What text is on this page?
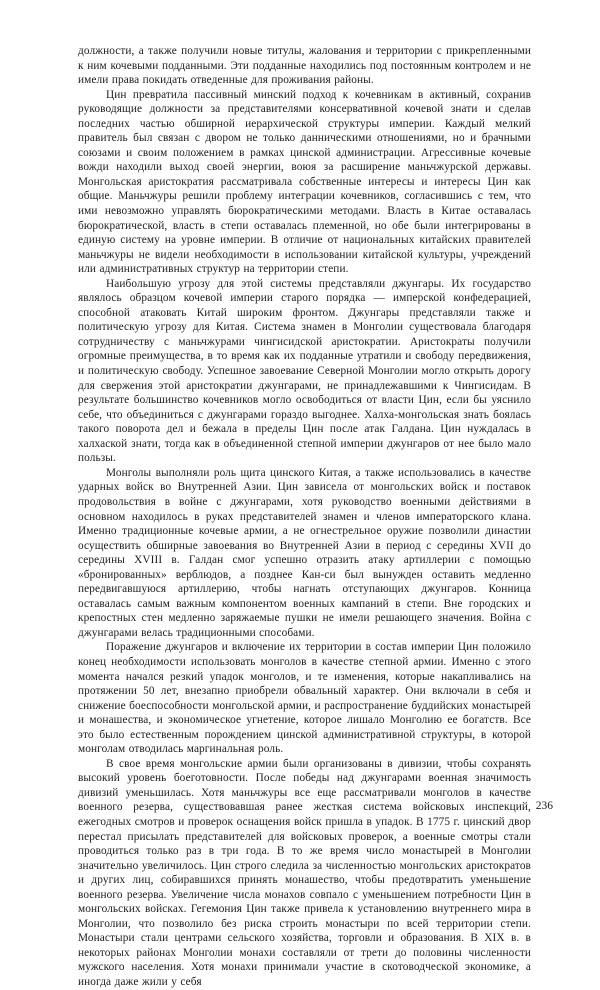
должности, а также получили новые титулы, жалования и территории с прикрепленными к ним кочевыми подданными. Эти подданные находились под постоянным контролем и не имели права покидать отведенные для проживания районы.

Цин превратила пассивный минский подход к кочевникам в активный, сохранив руководящие должности за представителями консервативной кочевой знати и сделав последних частью обширной иерархической структуры империи. Каждый мелкий правитель был связан с двором не только данническими отношениями, но и брачными союзами и своим положением в рамках цинской администрации. Агрессивные кочевые вожди находили выход своей энергии, воюя за расширение маньчжурской державы. Монгольская аристократия рассматривала собственные интересы и интересы Цин как общие. Маньчжуры решили проблему интеграции кочевников, согласившись с тем, что ими невозможно управлять бюрократическими методами. Власть в Китае оставалась бюрократической, власть в степи оставалась племенной, но обе были интегрированы в единую систему на уровне империи. В отличие от национальных китайских правителей маньчжуры не видели необходимости в использовании китайской культуры, учреждений или административных структур на территории степи.

Наибольшую угрозу для этой системы представляли джунгары. Их государство являлось образцом кочевой империи старого порядка — имперской конфедерацией, способной атаковать Китай широким фронтом. Джунгары представляли также и политическую угрозу для Китая. Система знамен в Монголии существовала благодаря сотрудничеству с маньчжурами чингисидской аристократии. Аристократы получили огромные преимущества, в то время как их подданные утратили и свободу передвижения, и политическую свободу. Успешное завоевание Северной Монголии могло открыть дорогу для свержения этой аристократии джунгарами, не принадлежавшими к Чингисидам. В результате большинство кочевников могло освободиться от власти Цин, если бы уяснило себе, что объединиться с джунгарами гораздо выгоднее. Халха-монгольская знать боялась такого поворота дел и бежала в пределы Цин после атак Галдана. Цин нуждалась в халхаской знати, тогда как в объединенной степной империи джунгаров от нее было мало пользы.

Монголы выполняли роль щита цинского Китая, а также использовались в качестве ударных войск во Внутренней Азии. Цин зависела от монгольских войск и поставок продовольствия в войне с джунгарами, хотя руководство военными действиями в основном находилось в руках представителей знамен и членов императорского клана. Именно традиционные кочевые армии, а не огнестрельное оружие позволили династии осуществить обширные завоевания во Внутренней Азии в период с середины XVII до середины XVIII в. Галдан смог успешно отразить атаку артиллерии с помощью «бронированных» верблюдов, а позднее Кан-си был вынужден оставить медленно передвигавшуюся артиллерию, чтобы нагнать отступающих джунгаров. Конница оставалась самым важным компонентом военных кампаний в степи. Вне городских и крепостных стен медленно заряжаемые пушки не имели решающего значения. Война с джунгарами велась традиционными способами.

Поражение джунгаров и включение их территории в состав империи Цин положило конец необходимости использовать монголов в качестве степной армии. Именно с этого момента начался резкий упадок монголов, и те изменения, которые накапливались на протяжении 50 лет, внезапно приобрели обвальный характер. Они включали в себя и снижение боеспособности монгольской армии, и распространение буддийских монастырей и монашества, и экономическое угнетение, которое лишало Монголию ее богатств. Все это было естественным порождением цинской административной структуры, в которой монголам отводилась маргинальная роль.

В свое время монгольские армии были организованы в дивизии, чтобы сохранять высокий уровень боеготовности. После победы над джунгарами военная значимость дивизий уменьшилась. Хотя маньчжуры все еще рассматривали монголов в качестве военного резерва, существовавшая ранее жесткая система войсковых инспекций, ежегодных смотров и проверок оснащения войск пришла в упадок. В 1775 г. цинский двор перестал присылать представителей для войсковых проверок, а военные смотры стали проводиться только раз в три года. В то же время число монастырей в Монголии значительно увеличилось. Цин строго следила за численностью монгольских аристократов и других лиц, собиравшихся принять монашество, чтобы предотвратить уменьшение военного резерва. Увеличение числа монахов совпало с уменьшением потребности Цин в монгольских войсках. Гегемония Цин также привела к установлению внутреннего мира в Монголии, что позволило без риска строить монастыри по всей территории степи. Монастыри стали центрами сельского хозяйства, торговли и образования. В XIX в. в некоторых районах Монголии монахи составляли от трети до половины численности мужского населения. Хотя монахи принимали участие в скотоводческой экономике, а иногда даже жили у себя

236
